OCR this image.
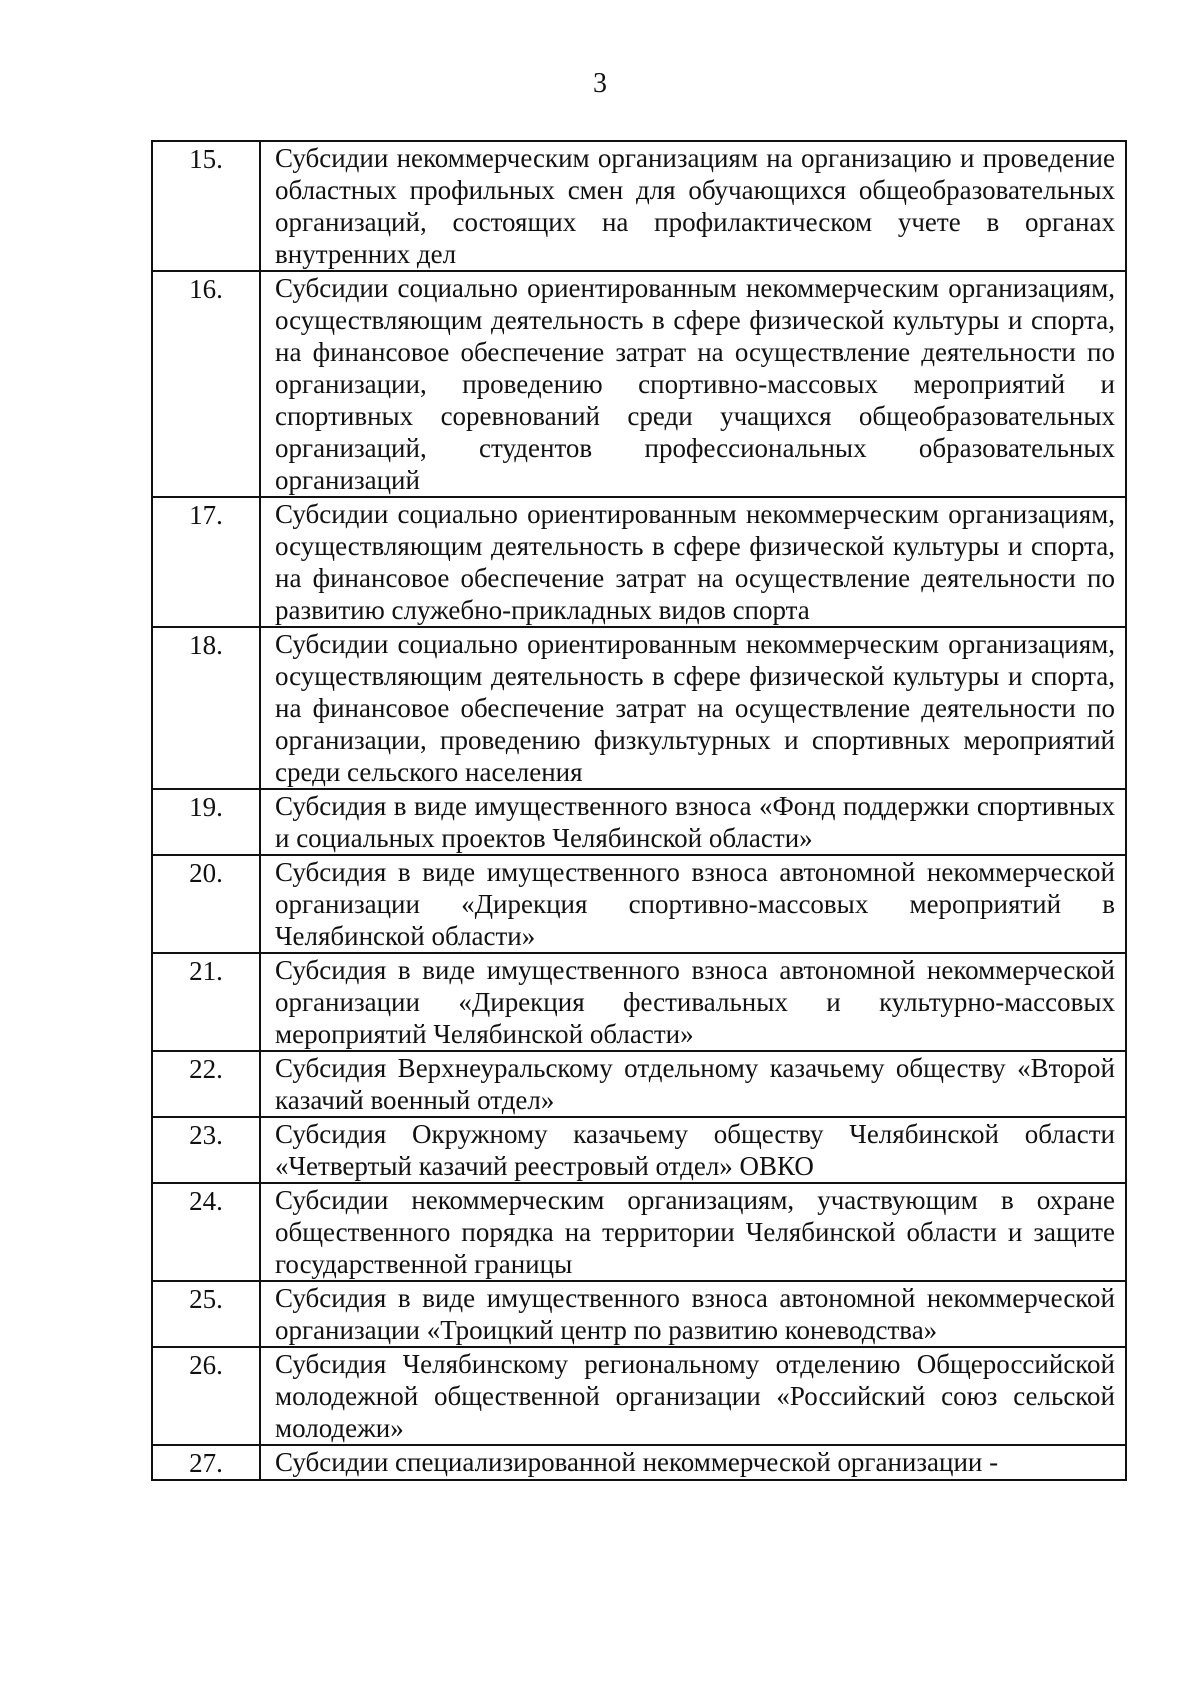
3
15.	Субсидии некоммерческим организациям на организацию и проведение областных профильных смен для обучающихся общеобразовательных организаций, состоящих на профилактическом учете в органах внутренних дел
16.	Субсидии социально ориентированным некоммерческим организациям, осуществляющим деятельность в сфере физической культуры и спорта, на финансовое обеспечение затрат на осуществление деятельности по организации, проведению спортивно-массовых мероприятий и спортивных соревнований среди учащихся общеобразовательных организаций, студентов профессиональных образовательных организаций
17.	Субсидии социально ориентированным некоммерческим организациям, осуществляющим деятельность в сфере физической культуры и спорта, на финансовое обеспечение затрат на осуществление деятельности по развитию служебно-прикладных видов спорта
18.	Субсидии социально ориентированным некоммерческим организациям, осуществляющим деятельность в сфере физической культуры и спорта, на финансовое обеспечение затрат на осуществление деятельности по организации, проведению физкультурных и спортивных мероприятий среди сельского населения
19.	Субсидия в виде имущественного взноса «Фонд поддержки спортивных и социальных проектов Челябинской области»
20.	Субсидия в виде имущественного взноса автономной некоммерческой организации «Дирекция спортивно-массовых мероприятий в Челябинской области»
21.	Субсидия в виде имущественного взноса автономной некоммерческой организации «Дирекция фестивальных и культурно-массовых мероприятий Челябинской области»
22.	Субсидия Верхнеуральскому отдельному казачьему обществу «Второй казачий военный отдел»
23.	Субсидия Окружному казачьему обществу Челябинской области «Четвертый казачий реестровый отдел» ОВКО
24.	Субсидии некоммерческим организациям, участвующим в охране общественного порядка на территории Челябинской области и защите государственной границы
25.	Субсидия в виде имущественного взноса автономной некоммерческой организации «Троицкий центр по развитию коневодства»
26.	Субсидия Челябинскому региональному отделению Общероссийской молодежной общественной организации «Российский союз сельской молодежи»
27.	Субсидии специализированной некоммерческой организации -
